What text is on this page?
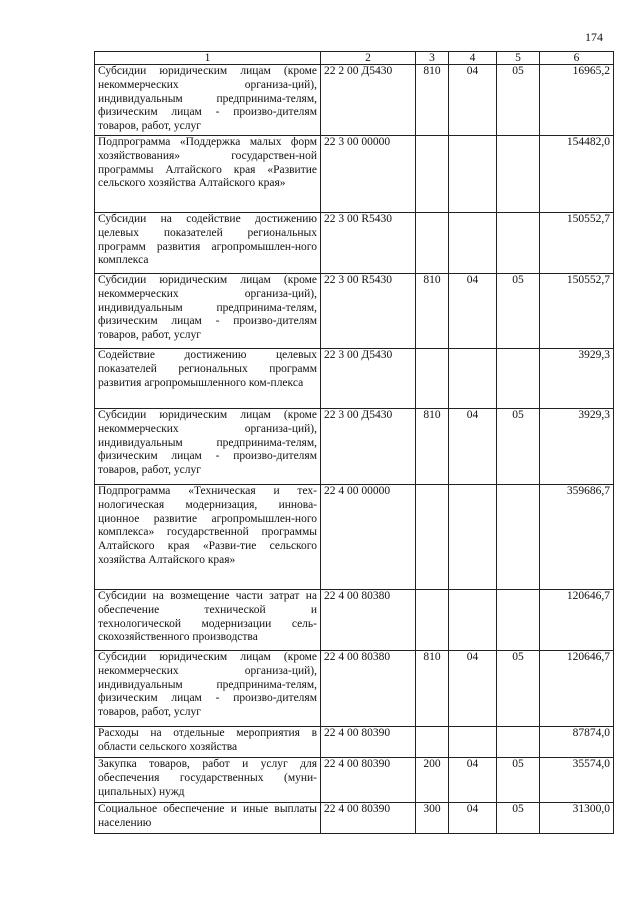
174
1	2	3	4	5	6
Субсидии юридическим лицам (кроме некоммерческих организа-ций), индивидуальным предпринима-телям, физическим лицам - произво-дителям товаров, работ, услуг	22 2 00 Д5430	810	04	05	16965,2
Подпрограмма «Поддержка малых форм хозяйствования» государствен-ной программы Алтайского края «Развитие сельского хозяйства Алтайского края»	22 3 00 00000				154482,0
Субсидии на содействие достижению целевых показателей региональных программ развития агропромышлен-ного комплекса	22 3 00 R5430				150552,7
Субсидии юридическим лицам (кроме некоммерческих организа-ций), индивидуальным предпринима-телям, физическим лицам - произво-дителям товаров, работ, услуг	22 3 00 R5430	810	04	05	150552,7
Содействие достижению целевых показателей региональных программ развития агропромышленного ком-плекса	22 3 00 Д5430				3929,3
Субсидии юридическим лицам (кроме некоммерческих организа-ций), индивидуальным предпринима-телям, физическим лицам - произво-дителям товаров, работ, услуг	22 3 00 Д5430	810	04	05	3929,3
Подпрограмма «Техническая и тех-нологическая модернизация, иннова-ционное развитие агропромышлен-ного комплекса» государственной программы Алтайского края «Разви-тие сельского хозяйства Алтайского края»	22 4 00 00000				359686,7
Субсидии на возмещение части затрат на обеспечение технической и технологической модернизации сель-скохозяйственного производства	22 4 00 80380				120646,7
Субсидии юридическим лицам (кроме некоммерческих организа-ций), индивидуальным предпринима-телям, физическим лицам - произво-дителям товаров, работ, услуг	22 4 00 80380	810	04	05	120646,7
Расходы на отдельные мероприятия в области сельского хозяйства	22 4 00 80390				87874,0
Закупка товаров, работ и услуг для обеспечения государственных (муни-ципальных) нужд	22 4 00 80390	200	04	05	35574,0
Социальное обеспечение и иные выплаты населению	22 4 00 80390	300	04	05	31300,0
